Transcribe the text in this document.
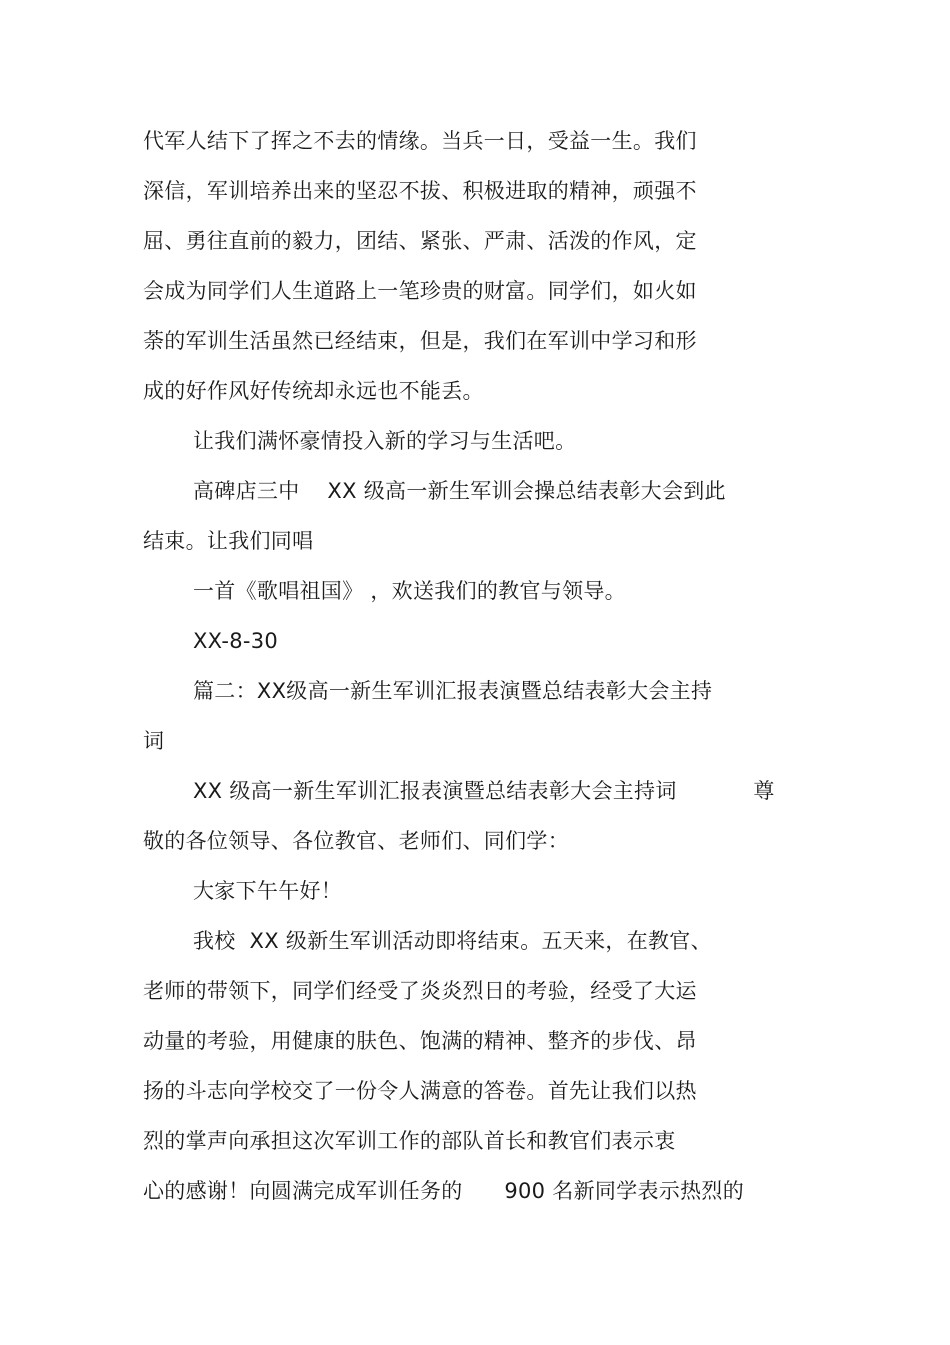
代军人结下了挥之不去的情缘。当兵一日，受益一生。我们
深信，军训培养出来的坚忍不拔、积极进取的精神，顽强不
屈、勇往直前的毅力，团结、紧张、严肃、活泼的作风，定
会成为同学们人生道路上一笔珍贵的财富。同学们，如火如
荼的军训生活虽然已经结束，但是，我们在军训中学习和形
成的好作风好传统却永远也不能丢。
让我们满怀豪情投入新的学习与生活吧。
高碑店三中    XX 级高一新生军训会操总结表彰大会到此
结束。让我们同唱
一首《歌唱祖国》 ，欢送我们的教官与领导。
XX-8-30
篇二：XX级高一新生军训汇报表演暨总结表彰大会主持
词
XX 级高一新生军训汇报表演暨总结表彰大会主持词           尊
敬的各位领导、各位教官、老师们、同们学：
大家下午午好！
我校  XX 级新生军训活动即将结束。五天来，在教官、
老师的带领下，同学们经受了炎炎烈日的考验，经受了大运
动量的考验，用健康的肤色、饱满的精神、整齐的步伐、昂
扬的斗志向学校交了一份令人满意的答卷。首先让我们以热
烈的掌声向承担这次军训工作的部队首长和教官们表示衷
心的感谢！向圆满完成军训任务的      900 名新同学表示热烈的
